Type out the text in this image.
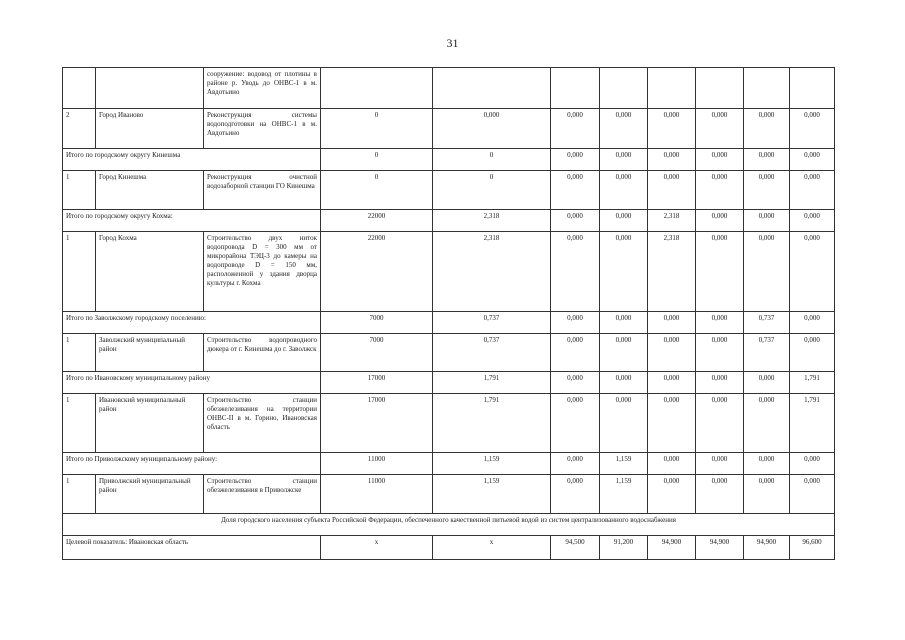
31
		сооружение: водовод от плотины в районе р. Уводь до ОНВС-1 в м. Авдотьино								
2	Город Иваново	Реконструкция системы водоподготовки на ОНВС-1 в м. Авдотьино	0	0,000	0,000	0,000	0,000	0,000	0,000	0,000
Итого по городскому округу Кинешма			0	0	0,000	0,000	0,000	0,000	0,000	0,000
1	Город Кинешма	Реконструкция очистной водозаборной станции ГО Кинешма	0	0	0,000	0,000	0,000	0,000	0,000	0,000
Итого по городскому округу Кохма:			22000	2,318	0,000	0,000	2,318	0,000	0,000	0,000
1	Город Кохма	Строительство двух ниток водопровода D = 300 мм от микрорайона ТЭЦ-3 до камеры на водопроводе D = 150 мм, расположенной у здания дворца культуры г. Кохма	22000	2,318	0,000	0,000	2,318	0,000	0,000	0,000
Итого по Заволжскому городскому поселению:			7000	0,737	0,000	0,000	0,000	0,000	0,737	0,000
1	Заволжский муниципальный район	Строительство водопроводного дюкера от г. Кинешма до г. Заволжск	7000	0,737	0,000	0,000	0,000	0,000	0,737	0,000
Итого по Ивановскому муниципальному району			17000	1,791	0,000	0,000	0,000	0,000	0,000	1,791
1	Ивановский муниципальный район	Строительство станции обезжелезивания на территории ОНВС-II в м. Горино, Ивановская область	17000	1,791	0,000	0,000	0,000	0,000	0,000	1,791
Итого по Приволжскому муниципальному району:			11000	1,159	0,000	1,159	0,000	0,000	0,000	0,000
1	Приволжский муниципальный район	Строительство станции обезжелезивания в Приволжске	11000	1,159	0,000	1,159	0,000	0,000	0,000	0,000
Доля городского населения субъекта Российской Федерации, обеспеченного качественной питьевой водой из систем централизованного водоснабжения										
Целевой показатель: Ивановская область			х	х	94,500	91,200	94,900	94,900	94,900	96,600
